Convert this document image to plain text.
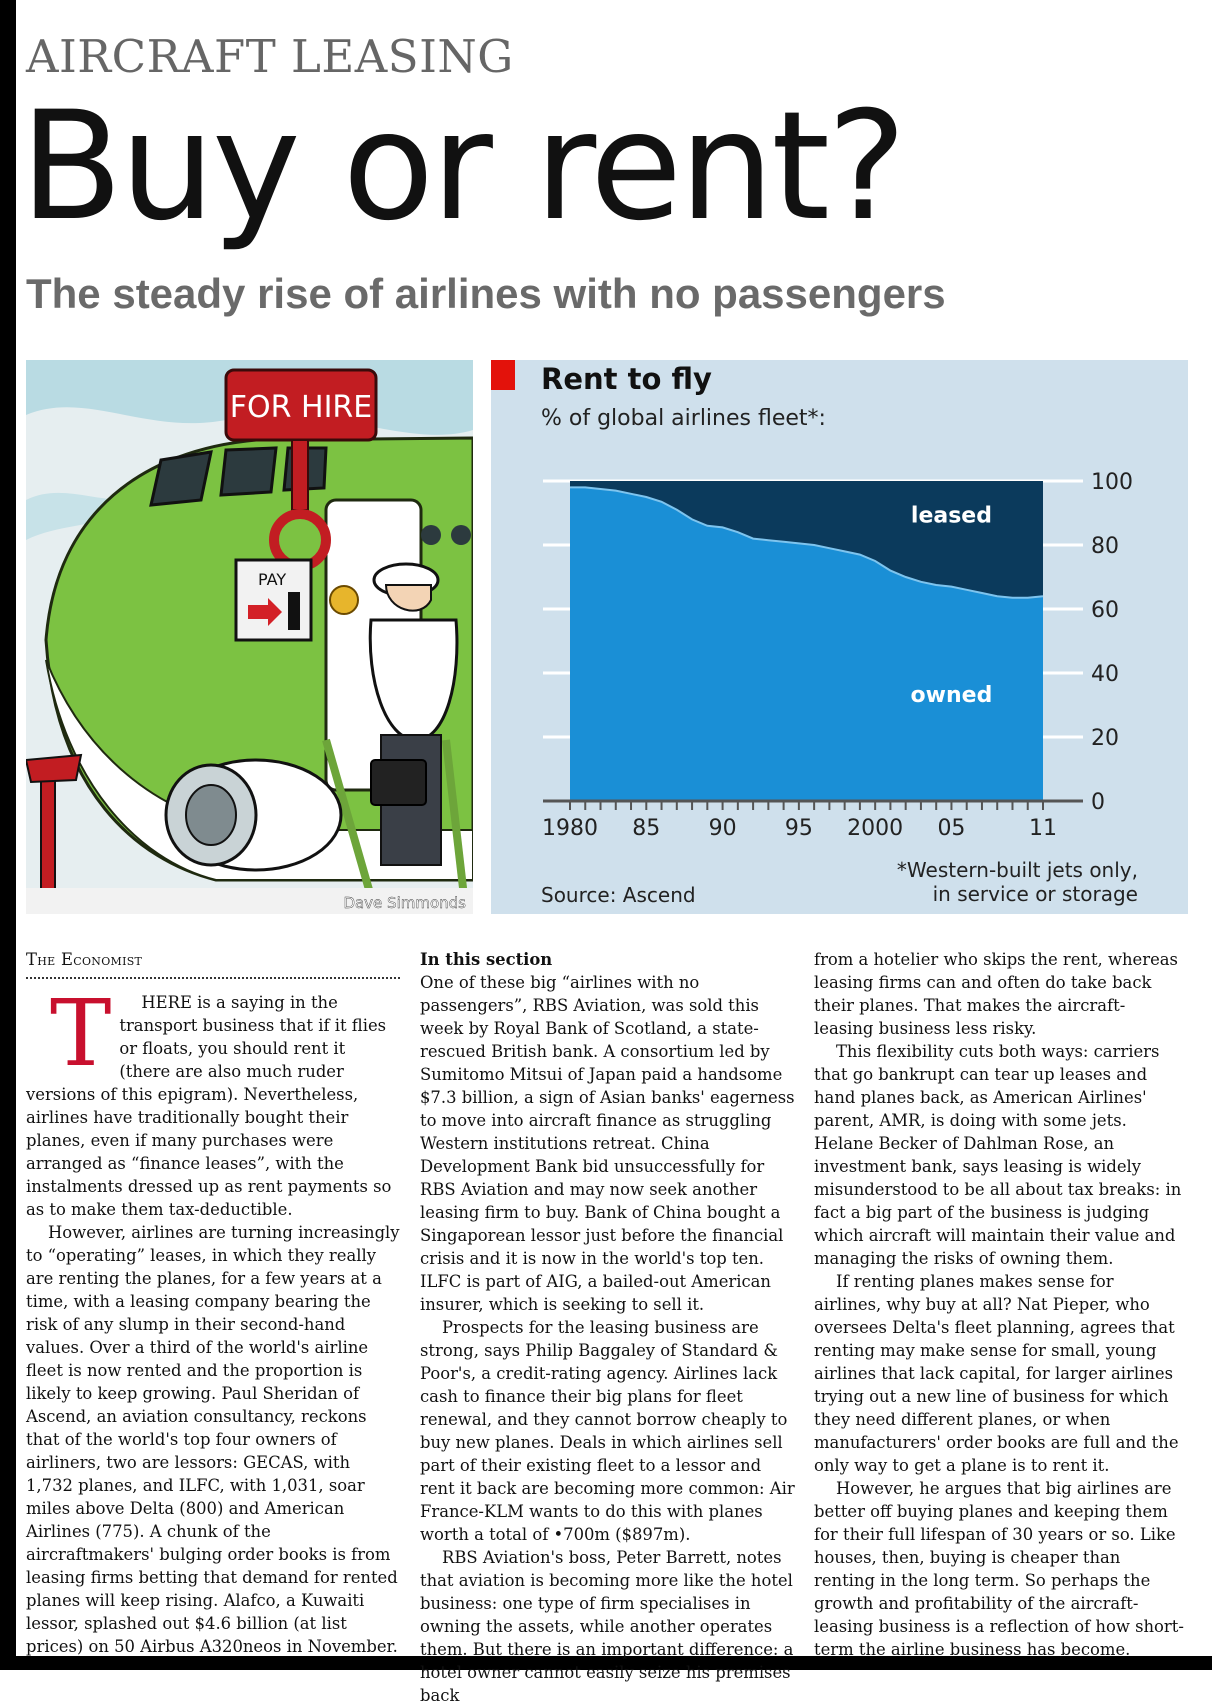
AIRCRAFT LEASING
Buy or rent?
The steady rise of airlines with no passengers
FOR HIRE
PAY
Dave Simmonds
Rent to fly
% of global airlines fleet*:
100
80
60
40
20
0
1980 85 90 95 2000 05	11
leased
owned
*Western-built jets only,
in service or storage
Source: Ascend
The Economist

T HERE is a saying in the transport business that if it flies or floats, you should rent it (there are also much ruder versions of this epigram). Nevertheless, airlines have traditionally bought their planes, even if many purchases were arranged as “finance leases”, with the instalments dressed up as rent payments so as to make them tax-deductible.

However, airlines are turning increasingly to “operating” leases, in which they really are renting the planes, for a few years at a time, with a leasing company bearing the risk of any slump in their second-hand values. Over a third of the world's airline fleet is now rented and the proportion is likely to keep growing. Paul Sheridan of Ascend, an aviation consultancy, reckons that of the world's top four owners of airliners, two are lessors: GECAS, with 1,732 planes, and ILFC, with 1,031, soar miles above Delta (800) and American Airlines (775). A chunk of the aircraftmakers' bulging order books is from leasing firms betting that demand for rented planes will keep rising. Alafco, a Kuwaiti lessor, splashed out $4.6 billion (at list prices) on 50 Airbus A320neos in November.

In this section

One of these big “airlines with no passengers”, RBS Aviation, was sold this week by Royal Bank of Scotland, a state-rescued British bank. A consortium led by Sumitomo Mitsui of Japan paid a handsome $7.3 billion, a sign of Asian banks' eagerness to move into aircraft finance as struggling Western institutions retreat. China Development Bank bid unsuccessfully for RBS Aviation and may now seek another leasing firm to buy. Bank of China bought a Singaporean lessor just before the financial crisis and it is now in the world's top ten. ILFC is part of AIG, a bailed-out American insurer, which is seeking to sell it.

Prospects for the leasing business are strong, says Philip Baggaley of Standard & Poor's, a credit-rating agency. Airlines lack cash to finance their big plans for fleet renewal, and they cannot borrow cheaply to buy new planes. Deals in which airlines sell part of their existing fleet to a lessor and rent it back are becoming more common: Air France-KLM wants to do this with planes worth a total of •700m ($897m).

RBS Aviation's boss, Peter Barrett, notes that aviation is becoming more like the hotel business: one type of firm specialises in owning the assets, while another operates them. But there is an important difference: a hotel owner cannot easily seize his premises back

from a hotelier who skips the rent, whereas leasing firms can and often do take back their planes. That makes the aircraft-leasing business less risky.

This flexibility cuts both ways: carriers that go bankrupt can tear up leases and hand planes back, as American Airlines' parent, AMR, is doing with some jets. Helane Becker of Dahlman Rose, an investment bank, says leasing is widely misunderstood to be all about tax breaks: in fact a big part of the business is judging which aircraft will maintain their value and managing the risks of owning them.

If renting planes makes sense for airlines, why buy at all? Nat Pieper, who oversees Delta's fleet planning, agrees that renting may make sense for small, young airlines that lack capital, for larger airlines trying out a new line of business for which they need different planes, or when manufacturers' order books are full and the only way to get a plane is to rent it.

However, he argues that big airlines are better off buying planes and keeping them for their full lifespan of 30 years or so. Like houses, then, buying is cheaper than renting in the long term. So perhaps the growth and profitability of the aircraft-leasing business is a reflection of how short-term the airline business has become.
